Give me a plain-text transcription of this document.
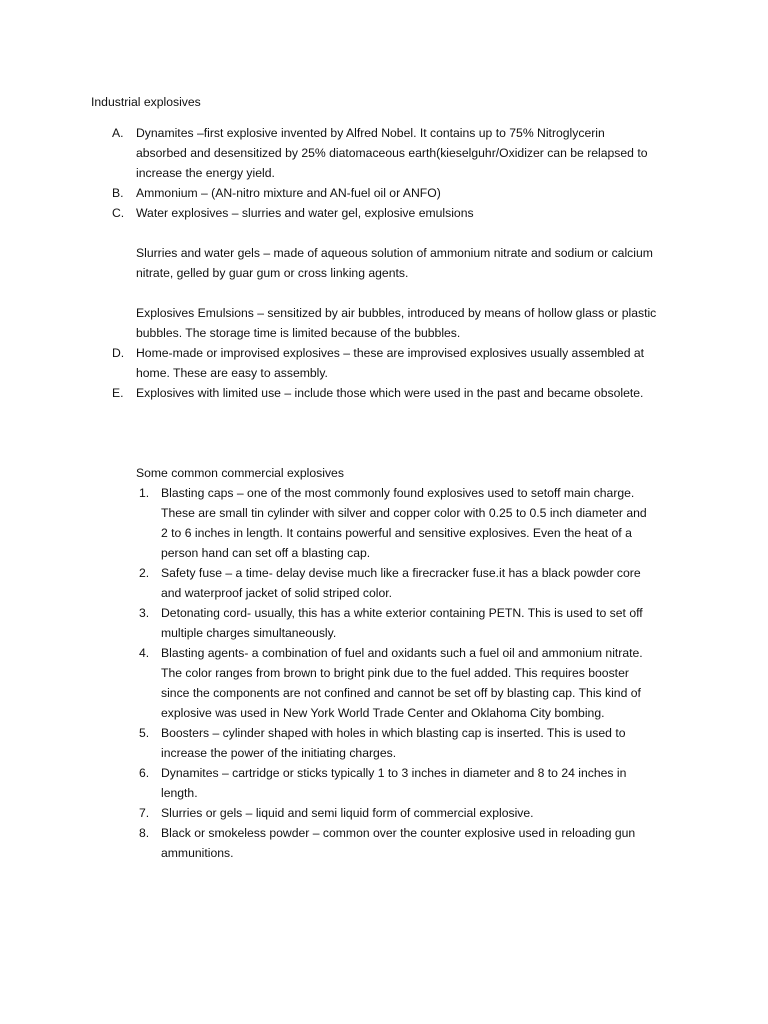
Industrial explosives
A. Dynamites –first explosive invented by Alfred Nobel. It contains up to 75% Nitroglycerin
absorbed and desensitized by 25% diatomaceous earth(kieselguhr/Oxidizer can be relapsed to
increase the energy yield.
B. Ammonium – (AN-nitro mixture and AN-fuel oil or ANFO)
C. Water explosives – slurries and water gel, explosive emulsions
Slurries and water gels – made of aqueous solution of ammonium nitrate and sodium or calcium
nitrate, gelled by guar gum or cross linking agents.
Explosives Emulsions – sensitized by air bubbles, introduced by means of hollow glass or plastic
bubbles. The storage time is limited because of the bubbles.
D. Home-made or improvised explosives – these are improvised explosives usually assembled at
home. These are easy to assembly.
E. Explosives with limited use – include those which were used in the past and became obsolete.
Some common commercial explosives
1. Blasting caps – one of the most commonly found explosives used to setoff main charge.
These are small tin cylinder with silver and copper color with 0.25 to 0.5 inch diameter and
2 to 6 inches in length. It contains powerful and sensitive explosives. Even the heat of a
person hand can set off a blasting cap.
2. Safety fuse – a time- delay devise much like a firecracker fuse.it has a black powder core
and waterproof jacket of solid striped color.
3. Detonating cord- usually, this has a white exterior containing PETN. This is used to set off
multiple charges simultaneously.
4. Blasting agents- a combination of fuel and oxidants such a fuel oil and ammonium nitrate.
The color ranges from brown to bright pink due to the fuel added. This requires booster
since the components are not confined and cannot be set off by blasting cap. This kind of
explosive was used in New York World Trade Center and Oklahoma City bombing.
5. Boosters – cylinder shaped with holes in which blasting cap is inserted. This is used to
increase the power of the initiating charges.
6. Dynamites – cartridge or sticks typically 1 to 3 inches in diameter and 8 to 24 inches in
length.
7. Slurries or gels – liquid and semi liquid form of commercial explosive.
8. Black or smokeless powder – common over the counter explosive used in reloading gun
ammunitions.
